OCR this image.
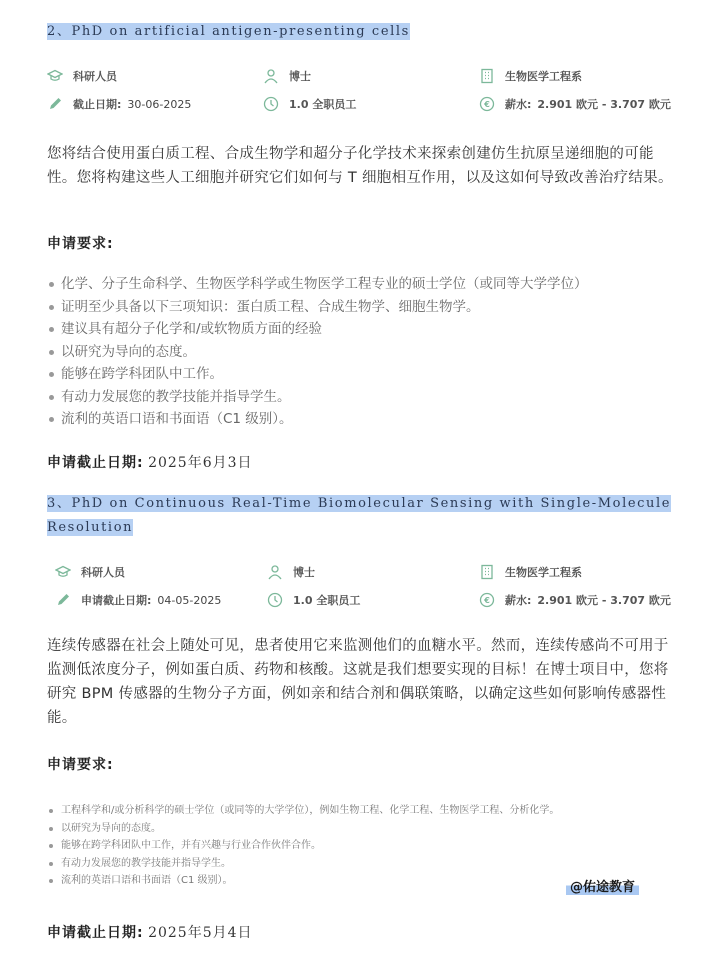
2、PhD on artificial antigen-presenting cells
科研人员	博士	生物医学工程系
截止日期: 30-06-2025	1.0 全职员工	€ 薪水: 2.901 欧元 - 3.707 欧元
您将结合使用蛋白质工程、合成生物学和超分子化学技术来探索创建仿生抗原呈递细胞的可能性。您将构建这些人工细胞并研究它们如何与 T 细胞相互作用，以及这如何导致改善治疗结果。
申请要求:
化学、分子生命科学、生物医学科学或生物医学工程专业的硕士学位（或同等大学学位）
证明至少具备以下三项知识：蛋白质工程、合成生物学、细胞生物学。
建议具有超分子化学和/或软物质方面的经验
以研究为导向的态度。
能够在跨学科团队中工作。
有动力发展您的教学技能并指导学生。
流利的英语口语和书面语（C1 级别）。
申请截止日期: 2025年6月3日
3、PhD on Continuous Real-Time Biomolecular Sensing with Single-Molecule
Resolution
科研人员	博士	生物医学工程系
申请截止日期: 04-05-2025	1.0 全职员工	€ 薪水: 2.901 欧元 - 3.707 欧元
连续传感器在社会上随处可见，患者使用它来监测他们的血糖水平。然而，连续传感尚不可用于监测低浓度分子，例如蛋白质、药物和核酸。这就是我们想要实现的目标！在博士项目中，您将研究 BPM 传感器的生物分子方面，例如亲和结合剂和偶联策略，以确定这些如何影响传感器性能。
申请要求:
工程科学和/或分析科学的硕士学位（或同等的大学学位），例如生物工程、化学工程、生物医学工程、分析化学。
以研究为导向的态度。
能够在跨学科团队中工作，并有兴趣与行业合作伙伴合作。
有动力发展您的教学技能并指导学生。
流利的英语口语和书面语（C1 级别）。	@佑途教育
申请截止日期: 2025年5月4日
